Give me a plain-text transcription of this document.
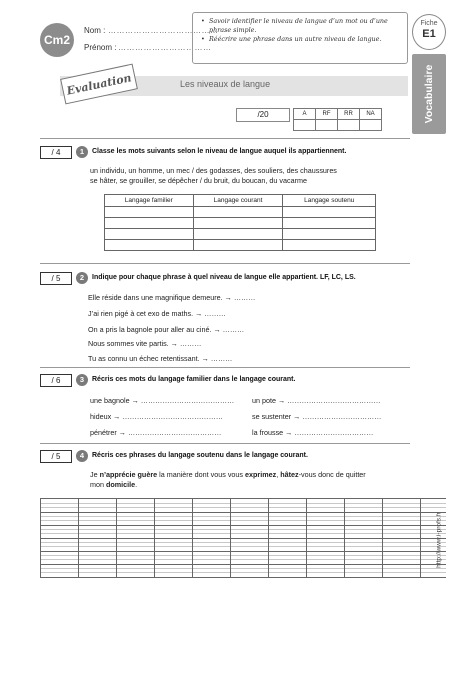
Cm2
Nom : …………………………………
Prénom : ……………………………
• Savoir identifier le niveau de langue d’un mot ou d’une phrase simple.
• Réécrire une phrase dans un autre niveau de langue.
Fiche
E1
Vocabulaire
Evaluation	Les niveaux de langue
/20	A	RF	RR	NA

/ 4	1	Classe les mots suivants selon le niveau de langue auquel ils appartiennent.
un individu, un homme, un mec / des godasses, des souliers, des chaussures
se hâter, se grouiller, se dépêcher / du bruit, du boucan, du vacarme
Langage familier	Langage courant	Langage soutenu

/ 5	2	Indique pour chaque phrase à quel niveau de langue elle appartient. LF, LC, LS.
Elle réside dans une magnifique demeure. → ………
J’ai rien pigé à cet exo de maths. → ………
On a pris la bagnole pour aller au ciné. → ………
Nous sommes vite partis. → ………
Tu as connu un échec retentissant. → ………
/ 6	3	Récris ces mots du langage familier dans le langage courant.
une bagnole → …………………………………
hideux → ……………………………………
pénétrer → …………………………………
un pote → …………………………………
se sustenter → ……………………………
la frousse → ……………………………
/ 5	4	Récris ces phrases du langage soutenu dans le langage courant.
Je n’apprécie guère la manière dont vous vous exprimez, hâtez-vous donc de quitter
mon domicile.
http://www.i-profs.fr
